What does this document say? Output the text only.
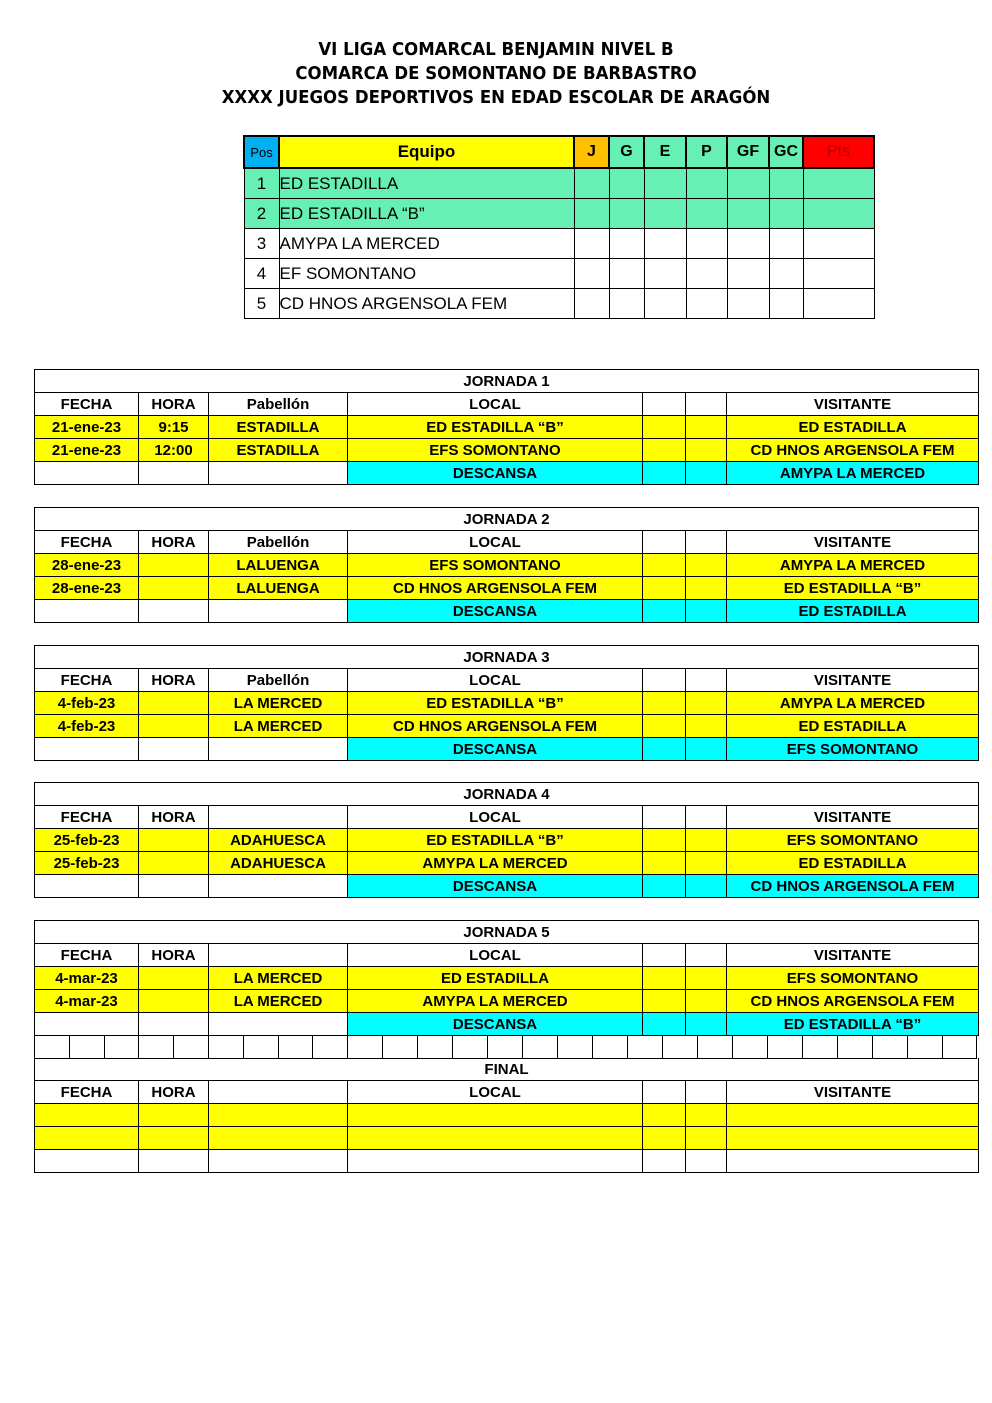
VI LIGA COMARCAL BENJAMIN NIVEL B
COMARCA DE SOMONTANO DE BARBASTRO
XXXX JUEGOS DEPORTIVOS EN EDAD ESCOLAR DE ARAGÓN
Pos	Equipo	J	G	E	P	GF	GC	Pts
1	ED ESTADILLA							
2	ED ESTADILLA “B”							
3	AMYPA LA MERCED							
4	EF SOMONTANO							
5	CD HNOS ARGENSOLA FEM							
JORNADA 1						
FECHA	HORA	Pabellón	LOCAL			VISITANTE
21-ene-23	9:15	ESTADILLA	ED ESTADILLA “B”			ED ESTADILLA
21-ene-23	12:00	ESTADILLA	EFS SOMONTANO			CD HNOS ARGENSOLA FEM
			DESCANSA			AMYPA LA MERCED
JORNADA 2						
FECHA	HORA	Pabellón	LOCAL			VISITANTE
28-ene-23		LALUENGA	EFS SOMONTANO			AMYPA LA MERCED
28-ene-23		LALUENGA	CD HNOS ARGENSOLA FEM			ED ESTADILLA “B”
			DESCANSA			ED ESTADILLA
JORNADA 3						
FECHA	HORA	Pabellón	LOCAL			VISITANTE
4-feb-23		LA MERCED	ED ESTADILLA “B”			AMYPA LA MERCED
4-feb-23		LA MERCED	CD HNOS ARGENSOLA FEM			ED ESTADILLA
			DESCANSA			EFS SOMONTANO
JORNADA 4						
FECHA	HORA		LOCAL			VISITANTE
25-feb-23		ADAHUESCA	ED ESTADILLA “B”			EFS SOMONTANO
25-feb-23		ADAHUESCA	AMYPA LA MERCED			ED ESTADILLA
			DESCANSA			CD HNOS ARGENSOLA FEM
JORNADA 5						
FECHA	HORA		LOCAL			VISITANTE
4-mar-23		LA MERCED	ED ESTADILLA			EFS SOMONTANO
4-mar-23		LA MERCED	AMYPA LA MERCED			CD HNOS ARGENSOLA FEM
			DESCANSA			ED ESTADILLA “B”

FINAL						
FECHA	HORA		LOCAL			VISITANTE
